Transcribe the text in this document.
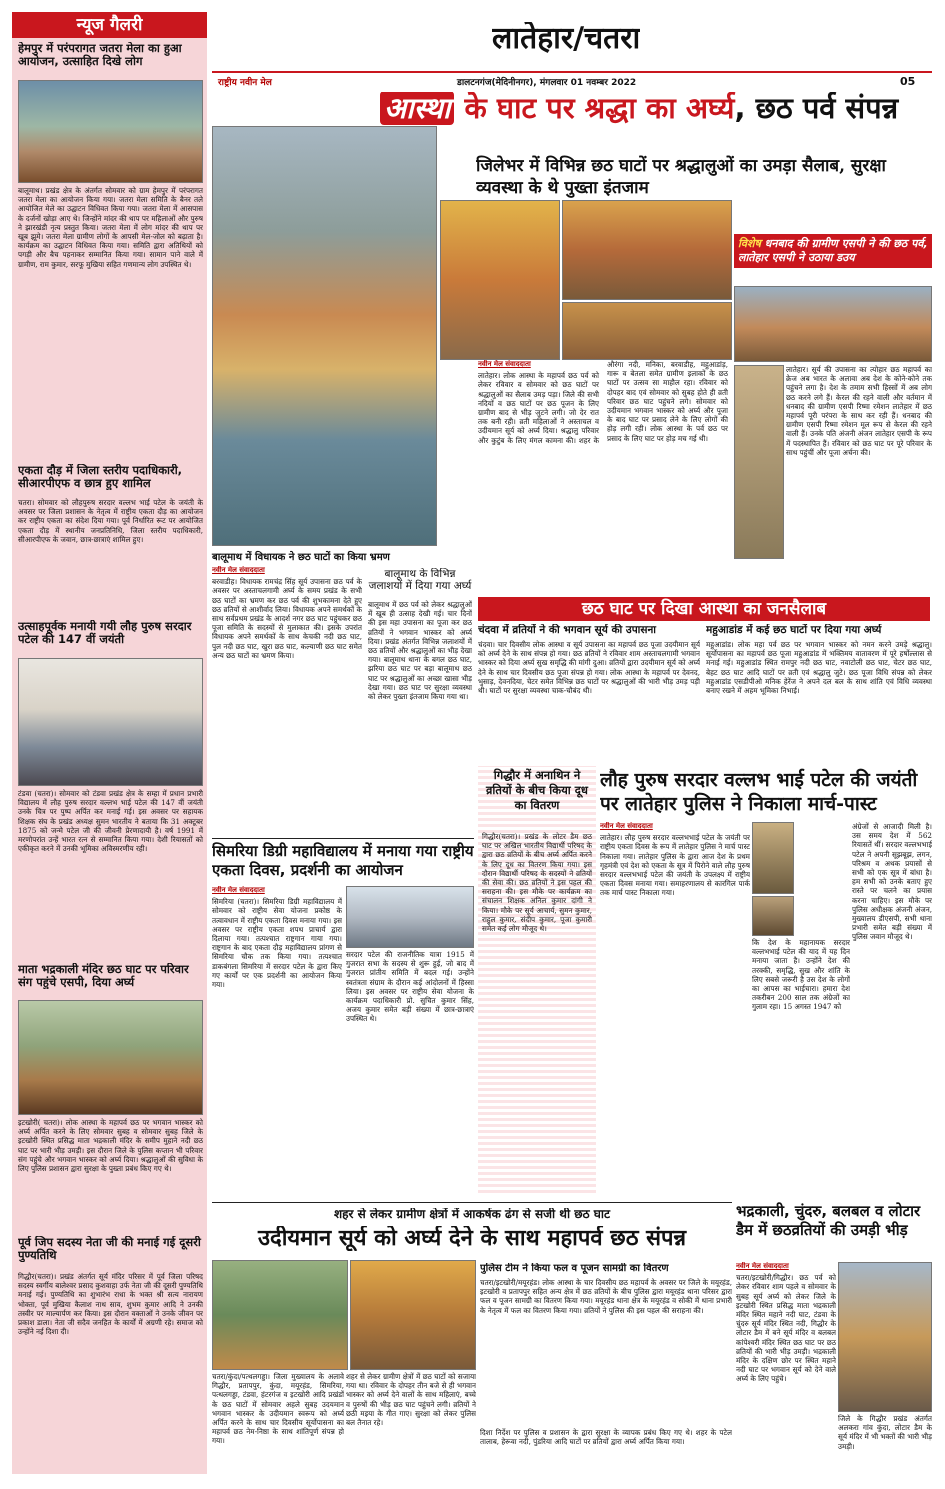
लातेहार/चतरा
राष्ट्रीय नवीन मेल	डालटनगंज(मेदिनीनगर), मंगलवार 01 नवम्बर 2022	05
न्यूज गैलरी
हेमपुर में परंपरागत जतरा मेला का हुआ आयोजन, उत्साहित दिखे लोग
बालूमाथ। प्रखंड क्षेत्र के अंतर्गत सोमवार को ग्राम हेमपुर में परंपरागत जतरा मेला का आयोजन किया गया। जतरा मेला समिति के बैनर तले आयोजित मेले का उद्घाटन विधिवत किया गया। जतरा मेला में आसपास के दर्जनों खोड़ा आए थे। जिन्होंने मांदर की थाप पर महिलाओं और पुरुष ने झारखंडी नृत्य प्रस्तुत किया। जतरा मेला में लोग मांदर की थाप पर खूब झूमे। जतरा मेला ग्रामीण लोगों के आपसी मेल-जोल को बढ़ाता है। कार्यक्रम का उद्घाटन विधिवत किया गया। समिति द्वारा अतिथियों को पगड़ी और बैच पहनाकर सम्मानित किया गया। सामान पाने वाले में ग्रामीण, राम कुमार, सरफू मुखिया सहित गणमान्य लोग उपस्थित थे।
एकता दौड़ में जिला स्तरीय पदाधिकारी, सीआरपीएफ व छात्र हुए शामिल
चतरा। सोमवार को लौहपुरुष सरदार वल्लभ भाई पटेल के जयंती के अवसर पर जिला प्रशासन के नेतृत्व में राष्ट्रीय एकता दौड़ का आयोजन कर राष्ट्रीय एकता का संदेश दिया गया। पूर्व निर्धारित रूट पर आयोजित एकता दौड़ में स्थानीय जनप्रतिनिधि, जिला स्तरीय पदाधिकारी, सीआरपीएफ के जवान, छात्र-छात्राएं शामिल हुए।
उत्साहपूर्वक मनायी गयी लौह पुरुष सरदार पटेल की 147 वीं जयंती
टंडवा (चतरा)। सोमवार को टंडवा प्रखंड क्षेत्र के सम्हा में प्रधान प्रभारी विद्यालय में लौह पुरुष सरदार वल्लभ भाई पटेल की 147 वीं जयंती उनके चित्र पर पुष्प अर्पित कर मनाई गई। इस अवसर पर सहायक शिक्षक संघ के प्रखंड अध्यक्ष सुमन भारतीय ने बताया कि 31 अक्टूबर 1875 को जन्मे पटेल जी की जीवनी प्रेरणादायी है। वर्ष 1991 में मरणोपरांत उन्हें भारत रत्न से सम्मानित किया गया। देशी रियासतों को एकीकृत करने में उनकी भूमिका अविस्मरणीय रही।
माता भद्रकाली मंदिर छठ घाट पर परिवार संग पहुंचे एसपी, दिया अर्घ्य
इटखोरी( चतरा)। लोक आस्था के महापर्व छठ पर भगवान भास्कर को अर्घ्य अर्पित करने के लिए सोमवार सुबह व सोमवार सुबह जिले के इटखोरी स्थित प्रसिद्ध माता भद्रकाली मंदिर के समीप मुहाने नदी छठ घाट पर भारी भीड़ उमड़ी। इस दौरान जिले के पुलिस कप्तान भी परिवार संग पहुंचे और भगवान भास्कर को अर्घ्य दिया। श्रद्धालुओं की सुविधा के लिए पुलिस प्रशासन द्वारा सुरक्षा के पुख्ता प्रबंध किए गए थे।
पूर्व जिप सदस्य नेता जी की मनाई गई दूसरी पुण्यतिथि
गिद्धौर(चतरा)। प्रखंड अंतर्गत सूर्य मंदिर परिसर में पूर्व जिला परिषद सदस्य स्वर्गीय बालेश्वर प्रसाद कुशवाहा उर्फ नेता जी की दूसरी पुण्यतिथि मनाई गई। पुण्यतिथि का शुभारंभ राधा के भक्त श्री सत्य नारायण भोक्ता, पूर्व मुखिया कैलाश नाथ साव, शुभम कुमार आदि ने उनकी तस्वीर पर माल्यार्पण कर किया। इस दौरान वक्ताओं ने उनके जीवन पर प्रकाश डाला। नेता जी सदैव जनहित के कार्यों में अग्रणी रहे। समाज को उन्होंने नई दिशा दी।
आस्था के घाट पर श्रद्धा का अर्घ्य, छठ पर्व संपन्न
जिलेभर में विभिन्न छठ घाटों पर श्रद्धालुओं का उमड़ा सैलाब, सुरक्षा व्यवस्था के थे पुख्ता इंतजाम
विशेष धनबाद की ग्रामीण एसपी ने की छठ पर्व, लातेहार एसपी ने उठाया डउय
लातेहार। सूर्य की उपासना का त्योहार छठ महापर्व का क्रेज अब भारत के अलावा अब देश के कोने-कोने तक पहुंचने लगा है। देश के तमाम सभी हिस्सों में अब लोग छठ करने लगे हैं। केरल की रहने वाली और वर्तमान में धनबाद की ग्रामीण एसपी रिष्मा रमेशन लातेहार में छठ महापर्व पूरी परंपरा के साथ कर रही हैं। धनबाद की ग्रामीण एसपी रिष्मा रमेशन मूल रूप से केरल की रहने वाली हैं। उनके पति अंजनी अंजन लातेहार एसपी के रूप में पदस्थापित हैं। रविवार को छठ घाट पर पूरे परिवार के साथ पहुंचीं और पूजा अर्चना की।
नवीन मेल संवाददाता
लातेहार। लोक आस्था के महापर्व छठ पर्व को लेकर रविवार व सोमवार को छठ घाटों पर श्रद्धालुओं का सैलाब उमड़ पड़ा। जिले की सभी नदियों व छठ घाटों पर छठ पूजन के लिए ग्रामीण बाद से भीड़ जुटने लगी। जो देर रात तक बनी रही। व्रती महिलाओं ने अस्ताचल व उदीयमान सूर्य को अर्घ्य दिया। श्रद्धालु परिवार और कुटुंब के लिए मंगल कामना की। शहर के औरंगा नदी, मनिका, बरवाडीह, महुआडांड़, गारू व बेतला समेत ग्रामीण इलाकों के छठ घाटों पर उत्सव सा माहौल रहा। रविवार को दोपहर बाद एवं सोमवार को सुबह होते ही व्रती परिवार छठ घाट पहुंचने लगे। सोमवार को उदीयमान भगवान भास्कर को अर्घ्य और पूजा के बाद घाट पर प्रसाद लेने के लिए लोगों की होड़ लगी रही। लोक आस्था के पर्व छठ पर प्रसाद के लिए घाट पर होड़ मच गई थी।
बालूमाथ में विधायक ने छठ घाटों का किया भ्रमण
नवीन मेल संवाददाता
बरवाडीह। विधायक रामचंद्र सिंह सूर्य उपासना छठ पर्व के अवसर पर अस्ताचलगामी अर्घ्य के समय प्रखंड के सभी छठ घाटों का भ्रमण कर छठ पर्व की शुभकामना देते हुए छठ व्रतियों से आशीर्वाद लिया। विधायक अपने समर्थकों के साथ सर्वप्रथम प्रखंड के आदर्श नगर छठ घाट पहुंचकर छठ पूजा समिति के सदस्यों से मुलाकात की। इसके उपरांत विधायक अपने समर्थकों के साथ केचकी नदी छठ घाट, पुल नदी छठ घाट, खुरा छठ घाट, कल्याणी छठ घाट समेत अन्य छठ घाटों का भ्रमण किया।
बालूमाथ के विभिन्न जलाशयों में दिया गया अर्घ्य
बालूमाथ में छठ पर्व को लेकर श्रद्धालुओं में खूब ही उत्साह देखी गई। चार दिनों की इस महा उपासना का पूजा कर छठ व्रतियों ने भगवान भास्कर को अर्घ्य दिया। प्रखंड अंतर्गत विभिन्न जलाशयों में छठ व्रतियों और श्रद्धालुओं का भीड़ देखा गया। बालूमाथ थाना के बगल छठ घाट, झरिया छठ घाट पर बड़ा बालूमाथ छठ घाट पर श्रद्धालुओं का अच्छा खासा भीड़ देखा गया। छठ घाट पर सुरक्षा व्यवस्था को लेकर पुख्ता इंतजाम किया गया था।
छठ घाट पर दिखा आस्था का जनसैलाब
चंदवा में व्रतियों ने की भगवान सूर्य की उपासना
चंदवा। चार दिवसीय लोक आस्था व सूर्य उपासना का महापर्व छठ पूजा उदयीमान सूर्य को अर्घ्य देने के साथ संपन्न हो गया। छठ व्रतियों ने रविवार शाम अस्ताचलगामी भगवान भास्कर को दिया अर्घ्य सुख समृद्धि की मांगी दुआ। व्रतियों द्वारा उदयीमान सूर्य को अर्घ्य देने के साथ चार दिवसीय छठ पूजा संपन्न हो गया। लोक आस्था के महापर्व पर देवनद, भुसाड़, देवनदिया, चेटर समेत विभिन्न छठ घाटों पर श्रद्धालुओं की भारी भीड़ उमड़ पड़ी थी। घाटों पर सुरक्षा व्यवस्था चाक-चौबंद थी।
महुआडांड में कई छठ घाटों पर दिया गया अर्घ्य
महुआडांड। लोक महा पर्व छठ पर भगवान भास्कर को नमन करने उमड़े श्रद्धालु। सूर्योपासना का महापर्व छठ पूजा महुआडांड में भक्तिमय वातावरण में पूरे हर्षोल्लास से मनाई गई। महुआडांड स्थित रामपुर नदी छठ घाट, नवाटोली छठ घाट, चेटर छठ घाट, बेहट छठ घाट आदि घाटों पर व्रती एवं श्रद्धालु जुटे। छठ पूजा विधि संपन्न को लेकर महुआडांड एसडीपीओ मनिक हेरेंज ने अपने दल बल के साथ शांति एवं विधि व्यवस्था बनाए रखने में अहम भूमिका निभाई।
सिमरिया डिग्री महाविद्यालय में मनाया गया राष्ट्रीय एकता दिवस, प्रदर्शनी का आयोजन
नवीन मेल संवाददाता
सिमरिया (चतरा)। सिमरिया डिग्री महाविद्यालय में सोमवार को राष्ट्रीय सेवा योजना प्रकोष्ठ के तत्वावधान में राष्ट्रीय एकता दिवस मनाया गया। इस अवसर पर राष्ट्रीय एकता शपथ प्राचार्य द्वारा दिलाया गया। तत्पश्चात राष्ट्रगान गाया गया। राष्ट्रगान के बाद एकता दौड़ महाविद्यालय प्रांगण से सिमरिया चौक तक किया गया। तत्पश्चात डाकबंगला सिमरिया में सरदार पटेल के द्वारा किए गए कार्यों पर एक प्रदर्शनी का आयोजन किया गया।
सरदार पटेल की राजनीतिक यात्रा 1915 में गुजरात सभा के सदस्य से शुरू हुई, जो बाद में गुजरात प्रांतीय समिति में बदल गई। उन्होंने स्वतंत्रता संग्राम के दौरान कई आंदोलनों में हिस्सा लिया। इस अवसर पर राष्ट्रीय सेवा योजना के कार्यक्रम पदाधिकारी प्रो. सुचित कुमार सिंह, अजय कुमार समेत बड़ी संख्या में छात्र-छात्राएं उपस्थित थे।
गिद्धौर में अनाथिन ने व्रतियों के बीच किया दूध का वितरण
गिद्धौर(चतरा)। प्रखंड के लोटर डैम छठ घाट पर अखिल भारतीय विद्यार्थी परिषद के द्वारा छठ व्रतियों के बीच अर्घ्य अर्पित करने के लिए दूध का वितरण किया गया। इस दौरान विद्यार्थी परिषद के सदस्यों ने व्रतियों की सेवा की। छठ व्रतियों ने इस पहल की सराहना की। इस मौके पर कार्यक्रम का संचालन शिक्षक अनिल कुमार दांगी ने किया। मौके पर सूर्य आचार्य, सुमन कुमार, राहुल कुमार, संदीप कुमार, पूजा कुमारी समेत कई लोग मौजूद थे।
लौह पुरुष सरदार वल्लभ भाई पटेल की जयंती पर लातेहार पुलिस ने निकाला मार्च-पास्ट
नवीन मेल संवाददाता
लातेहार। लौह पुरुष सरदार वल्लभभाई पटेल के जयंती पर राष्ट्रीय एकता दिवस के रूप में लातेहार पुलिस ने मार्च पास्ट निकाला गया। लातेहार पुलिस के द्वारा आज देश के प्रथम गृहमंत्री एवं देश को एकता के सूत्र में पिरोने वाले लौह पुरुष सरदार वल्लभभाई पटेल की जयंती के उपलक्ष्य में राष्ट्रीय एकता दिवस मनाया गया। समाहरणालय से कारगिल पार्क तक मार्च पास्ट निकाला गया।
कि देश के महानायक सरदार वल्लभभाई पटेल की याद में यह दिन मनाया जाता है। उन्होंने देश की तरक्की, समृद्धि, सुख और शांति के लिए सबसे जरूरी है उस देश के लोगों का आपस का भाईचारा। हमारा देश तकरीबन 200 साल तक अंग्रेजों का गुलाम रहा। 15 अगस्त 1947 को
अंग्रेजों से आजादी मिली है। उस समय देश में 562 रियासतें थीं। सरदार वल्लभभाई पटेल ने अपनी सूझबूझ, लगन, परिश्रम व अथक प्रयासों से सभी को एक सूत्र में बांधा है। हम सभी को उनके बताए हुए रास्ते पर चलने का प्रयास करना चाहिए। इस मौके पर पुलिस अधीक्षक अंजनी अंजन, मुख्यालय डीएसपी, सभी थाना प्रभारी समेत बड़ी संख्या में पुलिस जवान मौजूद थे।
शहर से लेकर ग्रामीण क्षेत्रों में आकर्षक ढंग से सजी थी छठ घाट
उदीयमान सूर्य को अर्घ्य देने के साथ महापर्व छठ संपन्न
चतरा/कुंदा/पत्थलगड्डा। जिला मुख्यालय के अलावे गिद्धौर, प्रतापपुर, कुंदा, मयूरहंड, सिमरिया, पत्थलगड्डा, टंडवा, हंटरगंज व इटखोरी आदि प्रखंडों के छठ घाटों में सोमवार अहले सुबह उदयमान भगवान भास्कर के उदीयमान स्वरूप को अर्घ्य अर्पित करने के साथ चार दिवसीय सूर्योपासना का महापर्व छठ नेम-निष्ठा के साथ शांतिपूर्ण संपन्न हो गया।
शहर से लेकर ग्रामीण क्षेत्रों में छठ घाटों को सजाया गया था। रविवार के दोपहर तीन बजे से ही भगवान भास्कर को अर्घ्य देने वालों के साथ महिलाएं, बच्चे व पुरुषों की भीड़ छठ घाट पहुंचने लगी। व्रतियों ने छठी मइया के गीत गाए। सुरक्षा को लेकर पुलिस बल तैनात रहे।
पुलिस टीम ने किया फल व पूजन सामग्री का वितरण
चतरा/इटखोरी/मयूरहंड। लोक आस्था के चार दिवसीय छठ महापर्व के अवसर पर जिले के मयूरहंड, इटखोरी व प्रतापपुर सहित अन्य क्षेत्र में छठ व्रतियों के बीच पुलिस द्वारा मयूरहंड थाना परिसर द्वारा फल व पूजन सामग्री का वितरण किया गया। मयूरहंड थाना क्षेत्र के मयूरहंड व सोकी में थाना प्रभारी के नेतृत्व में फल का वितरण किया गया। व्रतियों ने पुलिस की इस पहल की सराहना की।
दिशा निर्देश पर पुलिस व प्रशासन के द्वारा सुरक्षा के व्यापक प्रबंध किए गए थे। शहर के पटेल तालाब, हेरूवा नदी, पुंडरिया आदि घाटों पर व्रतियों द्वारा अर्घ्य अर्पित किया गया।
भद्रकाली, चुंदरु, बलबल व लोटार डैम में छठव्रतियों की उमड़ी भीड़
नवीन मेल संवाददाता
चतरा/इटखोरी/गिद्धौर। छठ पर्व को लेकर रविवार शाम पहले व सोमवार के सुबह सूर्य अर्घ्य को लेकर जिले के इटखोरी स्थित प्रसिद्ध माता भद्रकाली मंदिर स्थित महाने नदी घाट, टंडवा के चुंदरु सूर्य मंदिर स्थित नदी, गिद्धौर के लोटार डैम में बने सूर्य मंदिर व बलबल कांपेश्वरी मंदिर स्थित छठ घाट पर छठ व्रतियों की भारी भीड़ उमड़ी। भद्रकाली मंदिर के दक्षिण छोर पर स्थित महाने नदी घाट पर भगवान सूर्य को देने वाले अर्घ्य के लिए पहुंचे।
जिले के गिद्धौर प्रखंड अंतर्गत अलकरा गांव कुंदा, लोटार डैम के सूर्य मंदिर में भी भक्तों की भारी भीड़ उमड़ी।
